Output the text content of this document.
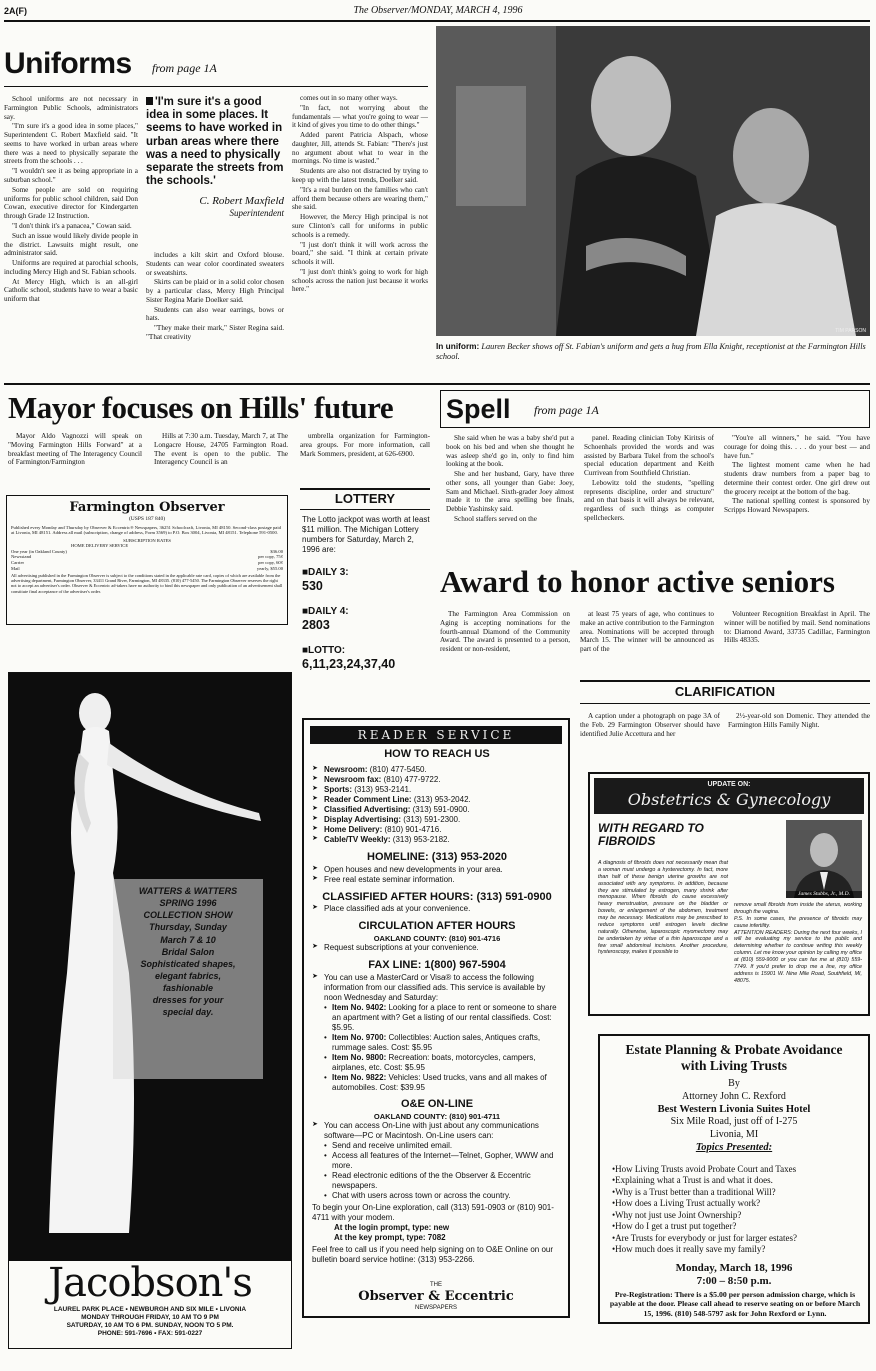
2A(F)	The Observer/MONDAY, MARCH 4, 1996
Uniforms from page 1A

School uniforms are not necessary in Farmington Public Schools, administrators say.

"I'm sure it's a good idea in some places," Superintendent C. Robert Maxfield said. "It seems to have worked in urban areas where there was a need to physically separate the streets from the schools . . .

"I wouldn't see it as being appropriate in a suburban school."

Some people are sold on requiring uniforms for public school children, said Don Cowan, executive director for Kindergarten through Grade 12 Instruction.

"I don't think it's a panacea," Cowan said.

Such an issue would likely divide people in the district. Lawsuits might result, one administrator said.

Uniforms are required at parochial schools, including Mercy High and St. Fabian schools.

At Mercy High, which is an all-girl Catholic school, students have to wear a basic uniform that

'I'm sure it's a good idea in some places. It seems to have worked in urban areas where there was a need to physically separate the streets from the schools.'
C. Robert Maxfield
Superintendent

includes a kilt skirt and Oxford blouse. Students can wear color coordinated sweaters or sweatshirts.

Skirts can be plaid or in a solid color chosen by a particular class, Mercy High Principal Sister Regina Marie Doelker said.

Students can also wear earrings, bows or hats.

"They make their mark," Sister Regina said. "That creativity

comes out in so many other ways.

"In fact, not worrying about the fundamentals — what you're going to wear — it kind of gives you time to do other things."

Added parent Patricia Alspach, whose daughter, Jill, attends St. Fabian: "There's just no argument about what to wear in the mornings. No time is wasted."

Students are also not distracted by trying to keep up with the latest trends, Doelker said.

"It's a real burden on the families who can't afford them because others are wearing them," she said.

However, the Mercy High principal is not sure Clinton's call for uniforms in public schools is a remedy.

"I just don't think it will work across the board," she said. "I think at certain private schools it will.

"I just don't think's going to work for high schools across the nation just because it works here."

TIM PARSON
In uniform: Lauren Becker shows off St. Fabian's uniform and gets a hug from Ella Knight, receptionist at the Farmington Hills school.
Mayor focuses on Hills' future

Mayor Aldo Vagnozzi will speak on "Moving Farmington Hills Forward" at a breakfast meeting of The Interagency Council of Farmington/Farmington

Hills at 7:30 a.m. Tuesday, March 7, at The Longacre House, 24705 Farmington Road. The event is open to the public. The Interagency Council is an

umbrella organization for Farmington-area groups. For more information, call Mark Sommers, president, at 626-6900.

Farmington Observer
(USPS 187 840)
Published every Monday and Thursday by Observer & Eccentric® Newspapers, 36251 Schoolcraft, Livonia, MI 48150. Second-class postage paid at Livonia, MI 48151. Address all mail (subscription, change of address, Form 3569) to P.O. Box 3004, Livonia, MI 48151. Telephone 591-0500.
SUBSCRIPTION RATES
HOME DELIVERY SERVICE
One year (in Oakland County)	$36.00
Newsstand	per copy, 75¢
Carrier	per copy, 60¢
Mail	yearly, $55.00
All advertising published in the Farmington Observer is subject to the conditions stated in the applicable rate card, copies of which are available from the advertising department, Farmington Observer, 33411 Grand River, Farmington, MI 48335. (810) 477-5450. The Farmington Observer reserves the right not to accept an advertiser's order. Observer & Eccentric ad-takers have no authority to bind this newspaper and only publication of an advertisement shall constitute final acceptance of the advertiser's order.
LOTTERY
The Lotto jackpot was worth at least $11 million. The Michigan Lottery numbers for Saturday, March 2, 1996 are:
■DAILY 3:
530
■DAILY 4:
2803
■LOTTO:
6,11,23,24,37,40
Spell from page 1A

She said when he was a baby she'd put a book on his bed and when she thought he was asleep she'd go in, only to find him looking at the book.

She and her husband, Gary, have three other sons, all younger than Gabe: Joey, Sam and Michael. Sixth-grader Joey almost made it to the area spelling bee finals, Debbie Yashinsky said.

School staffers served on the

panel. Reading clinician Toby Kiritsis of Schoenhals provided the words and was assisted by Barbara Tukel from the school's special education department and Keith Currivean from Southfield Christian.

Lebowitz told the students, "spelling represents discipline, order and structure" and on that basis it will always be relevant, regardless of such things as computer spellcheckers.

"You're all winners," he said. "You have courage for doing this. . . . do your best — and have fun."

The lightest moment came when he had students draw numbers from a paper bag to determine their contest order. One girl drew out the grocery receipt at the bottom of the bag.

The national spelling contest is sponsored by Scripps Howard Newspapers.

Award to honor active seniors

The Farmington Area Commission on Aging is accepting nominations for the fourth-annual Diamond of the Community Award. The award is presented to a person, resident or non-resident,

at least 75 years of age, who continues to make an active contribution to the Farmington area. Nominations will be accepted through March 15. The winner will be announced as part of the

Volunteer Recognition Breakfast in April. The winner will be notified by mail. Send nominations to: Diamond Award, 33735 Cadillac, Farmington Hills 48335.

CLARIFICATION

A caption under a photograph on page 3A of the Feb. 29 Farmington Observer should have identified Julie Accettura and her

2½-year-old son Domenic. They attended the Farmington Hills Family Night.

WATTERS & WATTERS
SPRING 1996
COLLECTION SHOW
Thursday, Sunday
March 7 & 10
Bridal Salon
Sophisticated shapes,
elegant fabrics,
fashionable
dresses for your
special day.
Jacobson's
LAUREL PARK PLACE • NEWBURGH AND SIX MILE • LIVONIA
MONDAY THROUGH FRIDAY, 10 AM TO 9 PM
SATURDAY, 10 AM TO 6 PM. SUNDAY, NOON TO 5 PM.
PHONE: 591-7696 • FAX: 591-0227
READER SERVICE
HOW TO REACH US
➤ Newsroom: (810) 477-5450.
➤ Newsroom fax: (810) 477-9722.
➤ Sports: (313) 953-2141.
➤ Reader Comment Line: (313) 953-2042.
➤ Classified Advertising: (313) 591-0900.
➤ Display Advertising: (313) 591-2300.
➤ Home Delivery: (810) 901-4716.
➤ Cable/TV Weekly: (313) 953-2182.
HOMELINE: (313) 953-2020
➤ Open houses and new developments in your area.
➤ Free real estate seminar information.
CLASSIFIED AFTER HOURS: (313) 591-0900
➤ Place classified ads at your convenience.
CIRCULATION AFTER HOURS
OAKLAND COUNTY: (810) 901-4716
➤ Request subscriptions at your convenience.
FAX LINE: 1(800) 967-5904
➤ You can use a MasterCard or Visa® to access the following information from our classified ads. This service is available by noon Wednesday and Saturday:
• Item No. 9402: Looking for a place to rent or someone to share an apartment with? Get a listing of our rental classifieds. Cost: $5.95.
• Item No. 9700: Collectibles: Auction sales, Antiques crafts, rummage sales. Cost: $5.95
• Item No. 9800: Recreation: boats, motorcycles, campers, airplanes, etc. Cost: $5.95
• Item No. 9822: Vehicles: Used trucks, vans and all makes of automobiles. Cost: $39.95
O&E ON-LINE
OAKLAND COUNTY: (810) 901-4711
➤ You can access On-Line with just about any communications software—PC or Macintosh. On-Line users can:
• Send and receive unlimited email.
• Access all features of the Internet—Telnet, Gopher, WWW and more.
• Read electronic editions of the the Observer & Eccentric newspapers.
• Chat with users across town or across the country.
To begin your On-Line exploration, call (313) 591-0903 or (810) 901-4711 with your modem.
At the login prompt, type: new
At the key prompt, type: 7082
Feel free to call us if you need help signing on to O&E Online on our bulletin board service hotline: (313) 953-2266.
THE
Observer & Eccentric
NEWSPAPERS
UPDATE ON:
Obstetrics & Gynecology
WITH REGARD TO
FIBROIDS
James Stubbs, Jr., M.D.
A diagnosis of fibroids does not necessarily mean that a woman must undergo a hysterectomy. In fact, more than half of these benign uterine growths are not associated with any symptoms. In addition, because they are stimulated by estrogen, many shrink after menopause. When fibroids do cause excessively heavy menstruation, pressure on the bladder or bowels, or enlargement of the abdomen, treatment may be necessary. Medications may be prescribed to reduce symptoms until estrogen levels decline naturally. Otherwise, laparoscopic myomectomy may be undertaken by virtue of a thin laparoscope and a few small abdominal incisions. Another procedure, hysteroscopy, makes it possible to
remove small fibroids from inside the uterus, working through the vagina.
P.S. In some cases, the presence of fibroids may cause infertility.
ATTENTION READERS: During the next four weeks, I will be evaluating my service to the public and determining whether to continue writing this weekly column. Let me know your opinion by calling my office at (810) 559-9000 or you can fax me at (810) 559-7749. If you'd prefer to drop me a line, my office address is 15901 W. Nine Mile Road, Southfield, MI, 48075.
Estate Planning & Probate Avoidance
with Living Trusts
By
Attorney John C. Rexford
Best Western Livonia Suites Hotel
Six Mile Road, just off of I-275
Livonia, MI
Topics Presented:
• How Living Trusts avoid Probate Court and Taxes
• Explaining what a Trust is and what it does.
• Why is a Trust better than a traditional Will?
• How does a Living Trust actually work?
• Why not just use Joint Ownership?
• How do I get a trust put together?
• Are Trusts for everybody or just for larger estates?
• How much does it really save my family?
Monday, March 18, 1996
7:00 – 8:50 p.m.
Pre-Registration: There is a $5.00 per person admission charge, which is payable at the door. Please call ahead to reserve seating on or before March 15, 1996. (810) 548-5797 ask for John Rexford or Lynn.
